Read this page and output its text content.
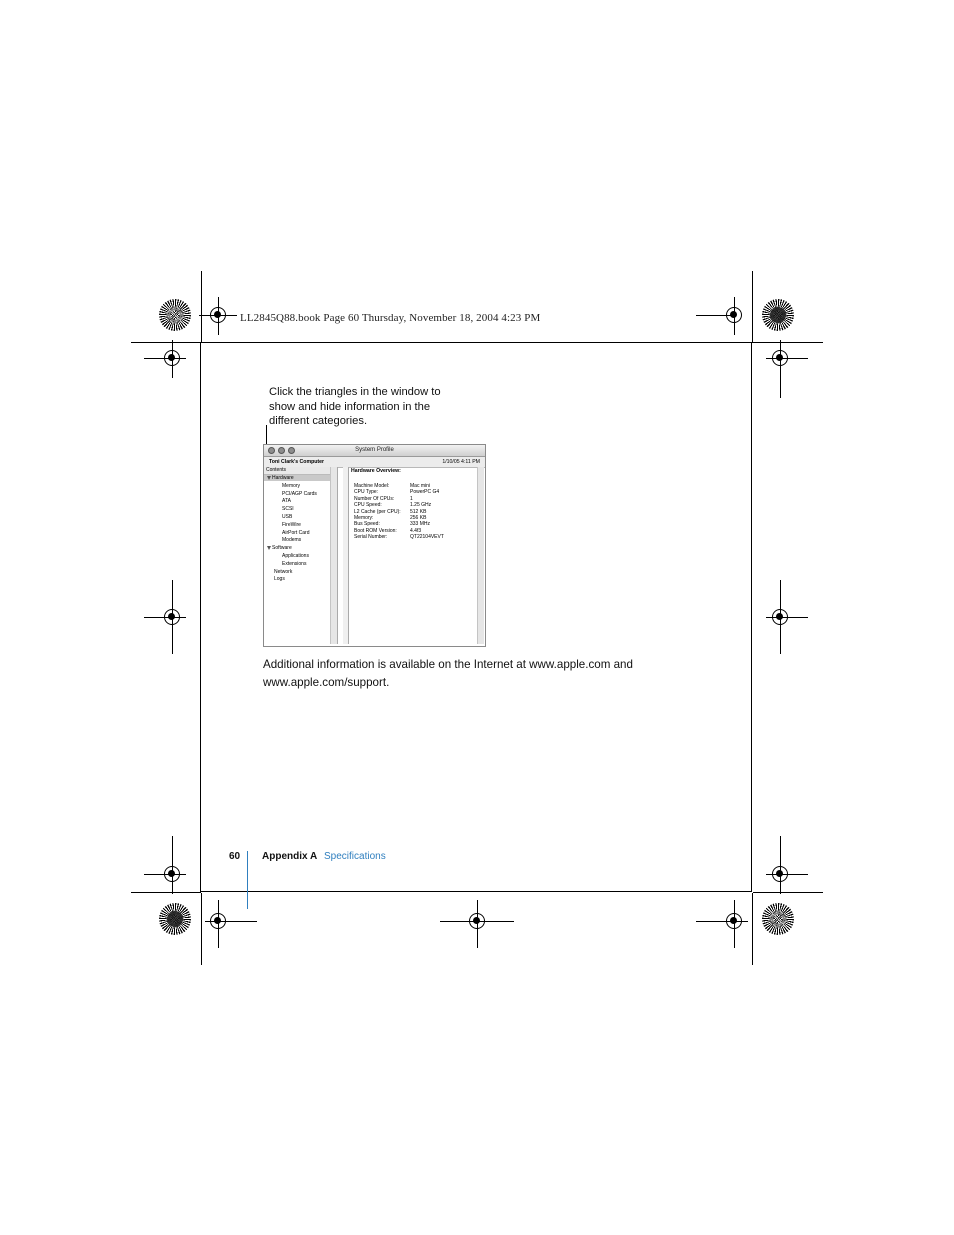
LL2845Q88.book Page 60 Thursday, November 18, 2004 4:23 PM
Click the triangles in the window to show and hide information in the different categories.
System Profile
Toni Clark's Computer	1/10/05 4:11 PM
Contents
Hardware
Memory
PCI/AGP Cards
ATA
SCSI
USB
FireWire
AirPort Card
Modems
Software
Applications
Extensions
Network
Logs
Hardware Overview:
Machine Model:	Mac mini
CPU Type:	PowerPC G4
Number Of CPUs:	1
CPU Speed:	1.25 GHz
L2 Cache (per CPU): 512 KB
Memory:	256 KB
Bus Speed:	333 MHz
Boot ROM Version:	4.4f3
Serial Number:	QT22104VEVT
Additional information is available on the Internet at www.apple.com and www.apple.com/support.
60 Appendix A Specifications
